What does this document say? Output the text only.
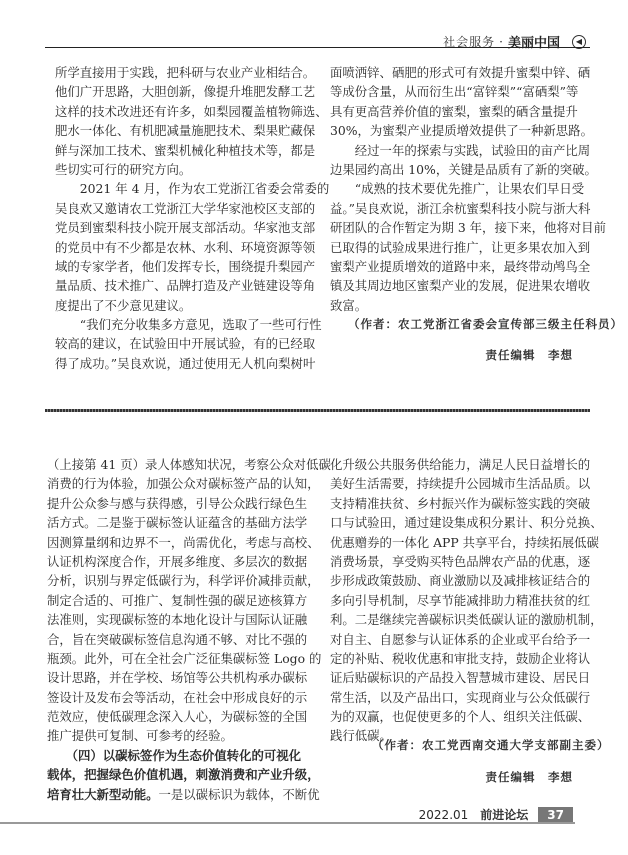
社会服务 · 美丽中国	◀
所学直接用于实践，把科研与农业产业相结合。
他们广开思路，大胆创新，像提升堆肥发酵工艺
这样的技术改进还有许多，如梨园覆盖植物筛选、
肥水一体化、有机肥减量施肥技术、梨果贮藏保
鲜与深加工技术、蜜梨机械化种植技术等，都是
些切实可行的研究方向。
　　2021 年 4 月，作为农工党浙江省委会常委的
吴良欢又邀请农工党浙江大学华家池校区支部的
党员到蜜梨科技小院开展支部活动。华家池支部
的党员中有不少都是农林、水利、环境资源等领
域的专家学者，他们发挥专长，围绕提升梨园产
量品质、技术推广、品牌打造及产业链建设等角
度提出了不少意见建议。
　　“我们充分收集多方意见，选取了一些可行性
较高的建议，在试验田中开展试验，有的已经取
得了成功。”吴良欢说，通过使用无人机向梨树叶
面喷洒锌、硒肥的形式可有效提升蜜梨中锌、硒
等成份含量，从而衍生出“富锌梨”“富硒梨”等
具有更高营养价值的蜜梨，蜜梨的硒含量提升
30%，为蜜梨产业提质增效提供了一种新思路。
　　经过一年的探索与实践，试验田的亩产比周
边果园约高出 10%，关键是品质有了新的突破。
　　“成熟的技术要优先推广，让果农们早日受
益。”吴良欢说，浙江余杭蜜梨科技小院与浙大科
研团队的合作暂定为期 3 年，接下来，他将对目前
已取得的试验成果进行推广，让更多果农加入到
蜜梨产业提质增效的道路中来，最终带动鸬鸟全
镇及其周边地区蜜梨产业的发展，促进果农增收
致富。
（作者：农工党浙江省委会宣传部三级主任科员）
责任编辑　李想
（上接第 41 页）录人体感知状况，考察公众对低碳
消费的行为体验，加强公众对碳标签产品的认知，
提升公众参与感与获得感，引导公众践行绿色生
活方式。二是鉴于碳标签认证蕴含的基础方法学
因测算量纲和边界不一，尚需优化，考虑与高校、
认证机构深度合作，开展多维度、多层次的数据
分析，识别与界定低碳行为，科学评价减排贡献，
制定合适的、可推广、复制性强的碳足迹核算方
法准则，实现碳标签的本地化设计与国际认证融
合，旨在突破碳标签信息沟通不够、对比不强的
瓶颈。此外，可在全社会广泛征集碳标签 Logo 的
设计思路，并在学校、场馆等公共机构承办碳标
签设计及发布会等活动，在社会中形成良好的示
范效应，使低碳理念深入人心，为碳标签的全国
推广提供可复制、可参考的经验。
　　（四）以碳标签作为生态价值转化的可视化
载体，把握绿色价值机遇，刺激消费和产业升级，
培育壮大新型动能。一是以碳标识为载体，不断优
化升级公共服务供给能力，满足人民日益增长的
美好生活需要，持续提升公园城市生活品质。以
支持精准扶贫、乡村振兴作为碳标签实践的突破
口与试验田，通过建设集成积分累计、积分兑换、
优惠赠券的一体化 APP 共享平台，持续拓展低碳
消费场景，享受购买特色品牌农产品的优惠，逐
步形成政策鼓励、商业激励以及减排核证结合的
多向引导机制，尽享节能减排助力精准扶贫的红
利。二是继续完善碳标识类低碳认证的激励机制，
对自主、自愿参与认证体系的企业或平台给予一
定的补贴、税收优惠和审批支持，鼓励企业将认
证后贴碳标识的产品投入智慧城市建设、居民日
常生活，以及产品出口，实现商业与公众低碳行
为的双赢，也促使更多的个人、组织关注低碳、
践行低碳。
（作者：农工党西南交通大学支部副主委）
责任编辑　李想
2022.01 前进论坛	37
